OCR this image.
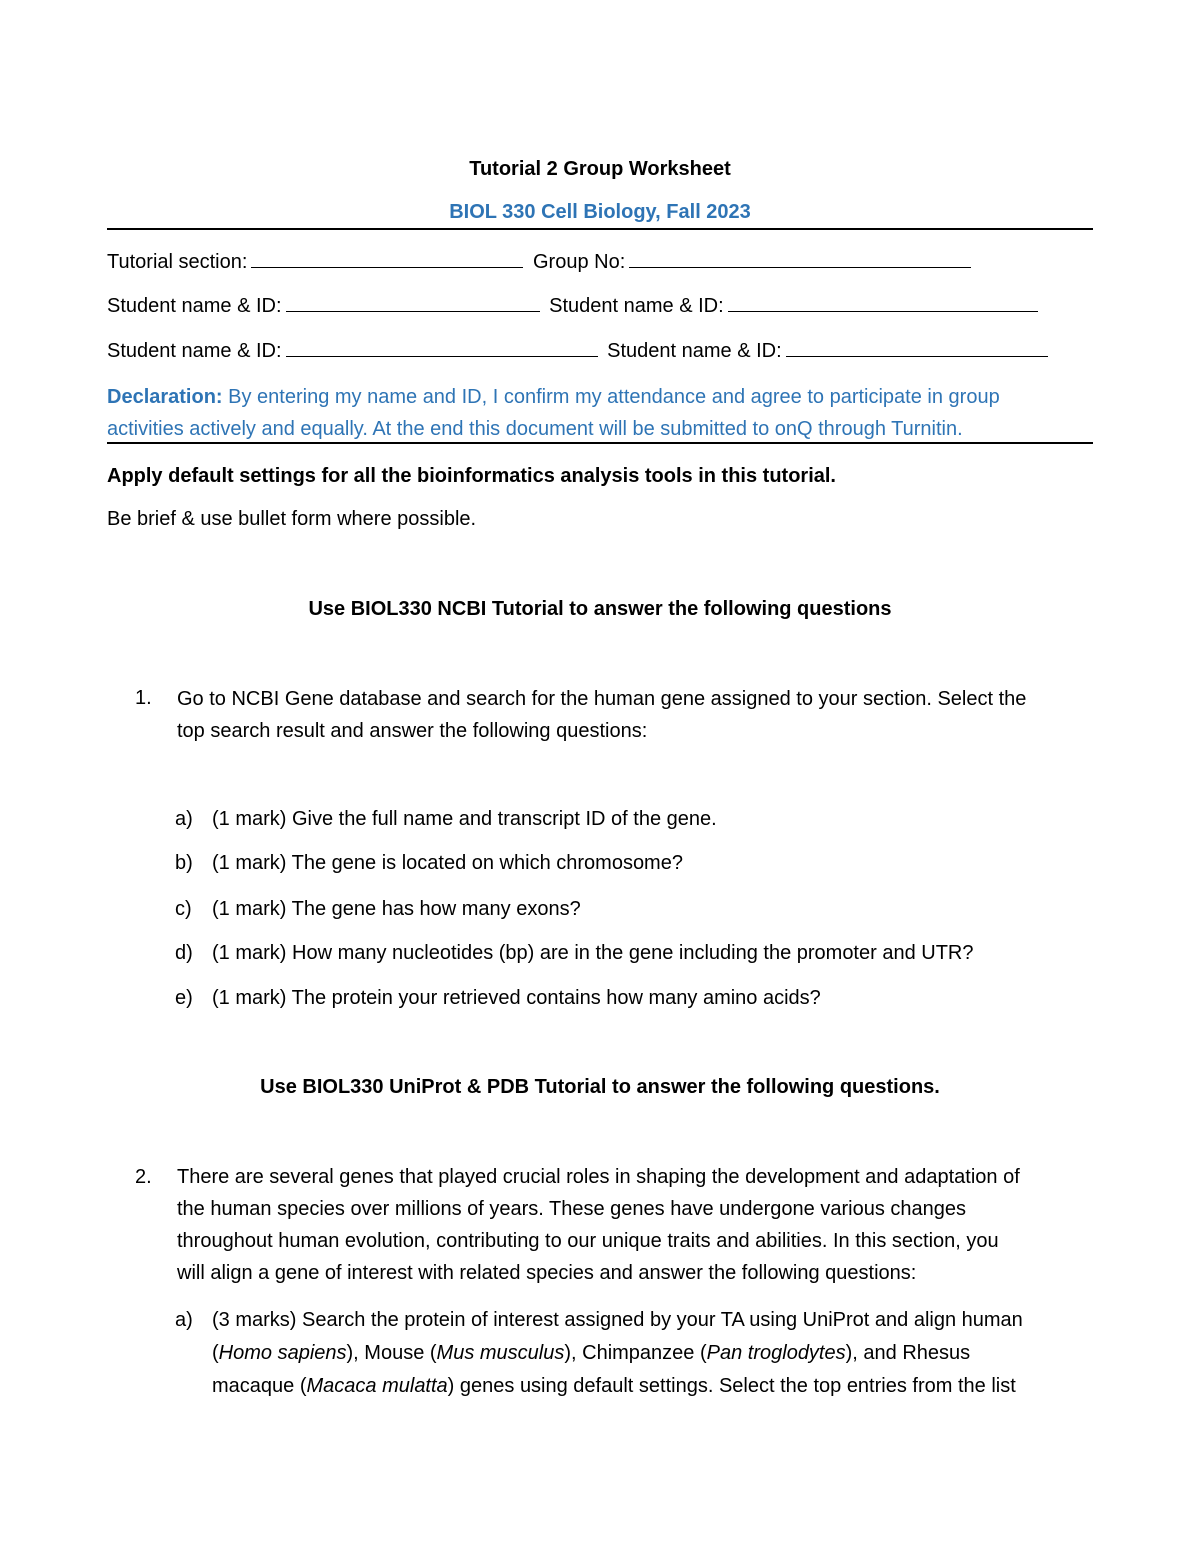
Tutorial 2 Group Worksheet
BIOL 330 Cell Biology, Fall 2023
Tutorial section:	Group No:
Student name & ID:	Student name & ID:
Student name & ID:	Student name & ID:
Declaration: By entering my name and ID, I confirm my attendance and agree to participate in group
activities actively and equally. At the end this document will be submitted to onQ through Turnitin.
Apply default settings for all the bioinformatics analysis tools in this tutorial.
Be brief & use bullet form where possible.
Use BIOL330 NCBI Tutorial to answer the following questions
1. Go to NCBI Gene database and search for the human gene assigned to your section. Select the
top search result and answer the following questions:
a) (1 mark) Give the full name and transcript ID of the gene.
b) (1 mark) The gene is located on which chromosome?
c) (1 mark) The gene has how many exons?
d) (1 mark) How many nucleotides (bp) are in the gene including the promoter and UTR?
e) (1 mark) The protein your retrieved contains how many amino acids?
Use BIOL330 UniProt & PDB Tutorial to answer the following questions.
2. There are several genes that played crucial roles in shaping the development and adaptation of
the human species over millions of years. These genes have undergone various changes
throughout human evolution, contributing to our unique traits and abilities. In this section, you
will align a gene of interest with related species and answer the following questions:
a) (3 marks) Search the protein of interest assigned by your TA using UniProt and align human
(Homo sapiens), Mouse (Mus musculus), Chimpanzee (Pan troglodytes), and Rhesus
macaque (Macaca mulatta) genes using default settings. Select the top entries from the list
